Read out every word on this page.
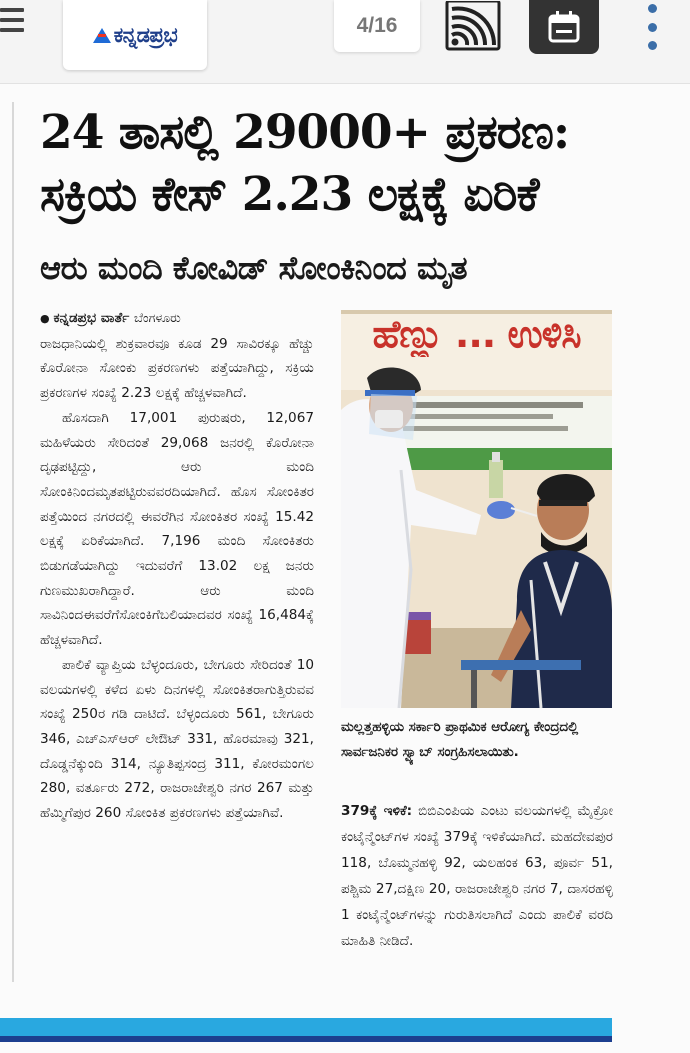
ಕನ್ನಡಪ್ರಭ	4/16
24 ತಾಸಲ್ಲಿ 29000+ ಪ್ರಕರಣ:
ಸಕ್ರಿಯ ಕೇಸ್ 2.23 ಲಕ್ಷಕ್ಕೆ ಏರಿಕೆ
ಆರು ಮಂದಿ ಕೋವಿಡ್ ಸೋಂಕಿನಿಂದ ಮೃತ
● ಕನ್ನಡಪ್ರಭ ವಾರ್ತೆ ಬೆಂಗಳೂರು

ರಾಜಧಾನಿಯಲ್ಲಿ ಶುಕ್ರವಾರವೂ ಕೂಡ 29 ಸಾವಿರಕ್ಕೂ ಹೆಚ್ಚು ಕೊರೋನಾ ಸೋಂಕು ಪ್ರಕರಣಗಳು ಪತ್ತೆಯಾಗಿದ್ದು, ಸಕ್ರಿಯ ಪ್ರಕರಣಗಳ ಸಂಖ್ಯೆ 2.23 ಲಕ್ಷಕ್ಕೆ ಹೆಚ್ಚಳವಾಗಿದೆ.

ಹೊಸದಾಗಿ 17,001 ಪುರುಷರು, 12,067 ಮಹಿಳೆಯರು ಸೇರಿದಂತೆ 29,068 ಜನರಲ್ಲಿ ಕೊರೋನಾ ದೃಢಪಟ್ಟಿದ್ದು, ಆರು ಮಂದಿ ಸೋಂಕಿನಿಂದಮೃತಪಟ್ಟಿರುವವರದಿಯಾಗಿದೆ. ಹೊಸ ಸೋಂಕಿತರ ಪತ್ತೆಯಿಂದ ನಗರದಲ್ಲಿ ಈವರೆಗಿನ ಸೋಂಕಿತರ ಸಂಖ್ಯೆ 15.42 ಲಕ್ಷಕ್ಕೆ ಏರಿಕೆಯಾಗಿದೆ. 7,196 ಮಂದಿ ಸೋಂಕಿತರು ಬಿಡುಗಡೆಯಾಗಿದ್ದು ಇದುವರೆಗೆ 13.02 ಲಕ್ಷ ಜನರು ಗುಣಮುಖರಾಗಿದ್ದಾರೆ. ಆರು ಮಂದಿ ಸಾವಿನಿಂದಈವರೆಗೆಸೋಂಕಿಗೆಬಲಿಯಾದವರ ಸಂಖ್ಯೆ 16,484ಕ್ಕೆ ಹೆಚ್ಚಳವಾಗಿದೆ.

ಪಾಲಿಕೆ ವ್ಯಾಪ್ತಿಯ ಬೆಳ್ಳಂದೂರು, ಬೇಗೂರು ಸೇರಿದಂತೆ 10 ವಲಯಗಳಲ್ಲಿ ಕಳೆದ ಏಳು ದಿನಗಳಲ್ಲಿ ಸೋಂಕಿತರಾಗುತ್ತಿರುವವ ಸಂಖ್ಯೆ 250ರ ಗಡಿ ದಾಟಿದೆ. ಬೆಳ್ಳಂದೂರು 561, ಬೇಗೂರು 346, ಎಚ್‌ಎಸ್‌ಆರ್ ಲೇಔಟ್ 331, ಹೊರಮಾವು 321, ದೊಡ್ಡನೆಕ್ಕುಂದಿ 314, ನ್ಯೂತಿಪ್ಪಸಂದ್ರ 311, ಕೋರಮಂಗಲ 280, ವರ್ತೂರು 272, ರಾಜರಾಜೇಶ್ವರಿ ನಗರ 267 ಮತ್ತು ಹೆಮ್ಮಿಗೆಪುರ 260 ಸೋಂಕಿತ ಪ್ರಕರಣಗಳು ಪತ್ತೆಯಾಗಿವೆ.

ಹೆಣ್ಣು ... ಉಳಿಸಿ
ಮಲ್ಲತ್ತಹಳ್ಳಿಯ ಸರ್ಕಾರಿ ಪ್ರಾಥಮಿಕ ಆರೋಗ್ಯ ಕೇಂದ್ರದಲ್ಲಿ ಸಾರ್ವಜನಿಕರ ಸ್ವ್ಯಾಬ್ ಸಂಗ್ರಹಿಸಲಾಯಿತು.
379ಕ್ಕೆ ಇಳಿಕೆ: ಬಿಬಿಎಂಪಿಯ ಎಂಟು ವಲಯಗಳಲ್ಲಿ ಮೈಕ್ರೋ ಕಂಟೈನ್ಮೆಂಟ್‌ಗಳ ಸಂಖ್ಯೆ 379ಕ್ಕೆ ಇಳಿಕೆಯಾಗಿದೆ. ಮಹದೇವಪುರ 118, ಬೊಮ್ಮನಹಳ್ಳಿ 92, ಯಲಹಂಕ 63, ಪೂರ್ವ 51, ಪಶ್ಚಿಮ 27,ದಕ್ಷಿಣ 20, ರಾಜರಾಜೇಶ್ವರಿ ನಗರ 7, ದಾಸರಹಳ್ಳಿ 1 ಕಂಟೈನ್ಮೆಂಟ್‌ಗಳನ್ನು ಗುರುತಿಸಲಾಗಿದೆ ಎಂದು ಪಾಲಿಕೆ ವರದಿ ಮಾಹಿತಿ ನೀಡಿದೆ.
